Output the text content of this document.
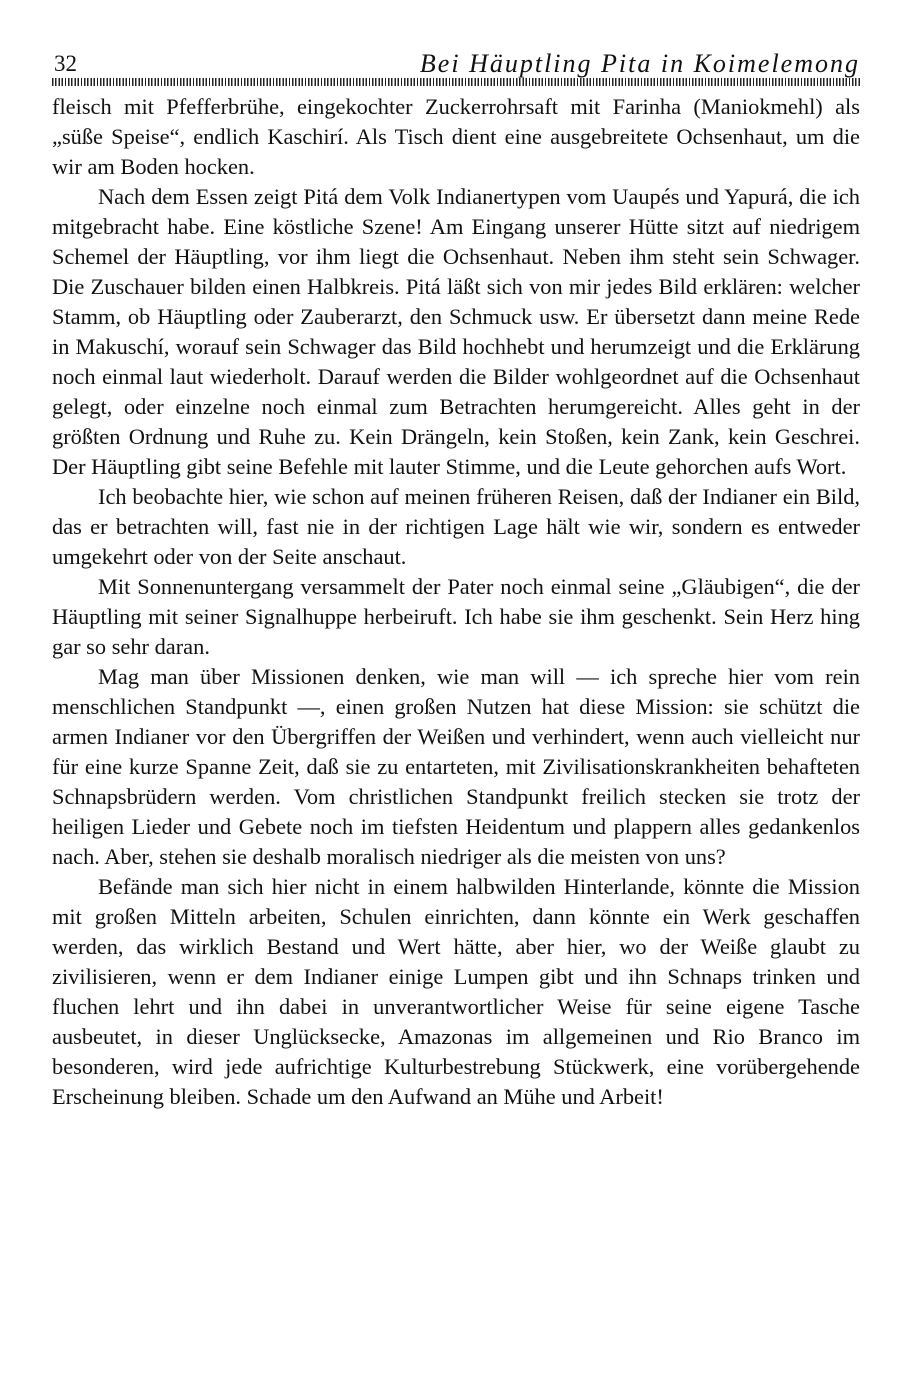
32	Bei Häuptling Pita in Koimelemong

fleisch mit Pfefferbrühe, eingekochter Zuckerrohrsaft mit Farinha (Maniokmehl) als „süße Speise“, endlich Kaschirí. Als Tisch dient eine ausgebreitete Ochsenhaut, um die wir am Boden hocken.

Nach dem Essen zeigt Pitá dem Volk Indianertypen vom Uaupés und Yapurá, die ich mitgebracht habe. Eine köstliche Szene! Am Eingang unserer Hütte sitzt auf niedrigem Schemel der Häuptling, vor ihm liegt die Ochsenhaut. Neben ihm steht sein Schwager. Die Zuschauer bilden einen Halbkreis. Pitá läßt sich von mir jedes Bild erklären: welcher Stamm, ob Häuptling oder Zauberarzt, den Schmuck usw. Er übersetzt dann meine Rede in Makuschí, worauf sein Schwager das Bild hochhebt und herumzeigt und die Erklärung noch einmal laut wiederholt. Darauf werden die Bilder wohlgeordnet auf die Ochsenhaut gelegt, oder einzelne noch einmal zum Betrachten herumgereicht. Alles geht in der größten Ordnung und Ruhe zu. Kein Drängeln, kein Stoßen, kein Zank, kein Geschrei. Der Häuptling gibt seine Befehle mit lauter Stimme, und die Leute gehorchen aufs Wort.

Ich beobachte hier, wie schon auf meinen früheren Reisen, daß der Indianer ein Bild, das er betrachten will, fast nie in der richtigen Lage hält wie wir, sondern es entweder umgekehrt oder von der Seite anschaut.

Mit Sonnenuntergang versammelt der Pater noch einmal seine „Gläubigen“, die der Häuptling mit seiner Signalhuppe herbeiruft. Ich habe sie ihm geschenkt. Sein Herz hing gar so sehr daran.

Mag man über Missionen denken, wie man will — ich spreche hier vom rein menschlichen Standpunkt —, einen großen Nutzen hat diese Mission: sie schützt die armen Indianer vor den Übergriffen der Weißen und verhindert, wenn auch vielleicht nur für eine kurze Spanne Zeit, daß sie zu entarteten, mit Zivilisationskrankheiten behafteten Schnapsbrüdern werden. Vom christlichen Standpunkt freilich stecken sie trotz der heiligen Lieder und Gebete noch im tiefsten Heidentum und plappern alles gedankenlos nach. Aber, stehen sie deshalb moralisch niedriger als die meisten von uns?

Befände man sich hier nicht in einem halbwilden Hinterlande, könnte die Mission mit großen Mitteln arbeiten, Schulen einrichten, dann könnte ein Werk geschaffen werden, das wirklich Bestand und Wert hätte, aber hier, wo der Weiße glaubt zu zivilisieren, wenn er dem Indianer einige Lumpen gibt und ihn Schnaps trinken und fluchen lehrt und ihn dabei in unverantwortlicher Weise für seine eigene Tasche ausbeutet, in dieser Unglücksecke, Amazonas im allgemeinen und Rio Branco im besonderen, wird jede aufrichtige Kulturbestrebung Stückwerk, eine vorübergehende Erscheinung bleiben. Schade um den Aufwand an Mühe und Arbeit!
